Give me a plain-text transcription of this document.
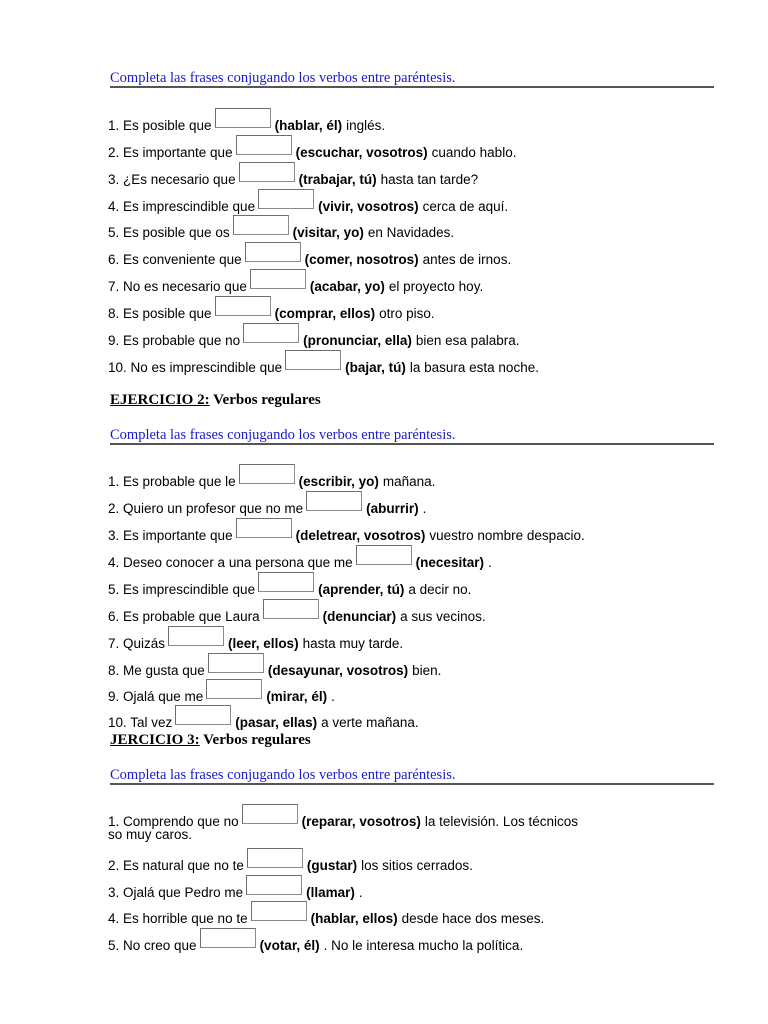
Completa las frases conjugando los verbos entre paréntesis.
1. Es posible que	(hablar, él) inglés.
2. Es importante que	(escuchar, vosotros) cuando hablo.
3. ¿Es necesario que	(trabajar, tú) hasta tan tarde?
4. Es imprescindible que	(vivir, vosotros) cerca de aquí.
5. Es posible que os	(visitar, yo) en Navidades.
6. Es conveniente que	(comer, nosotros) antes de irnos.
7. No es necesario que	(acabar, yo) el proyecto hoy.
8. Es posible que	(comprar, ellos) otro piso.
9. Es probable que no	(pronunciar, ella) bien esa palabra.
10. No es imprescindible que	(bajar, tú) la basura esta noche.
EJERCICIO 2: Verbos regulares
Completa las frases conjugando los verbos entre paréntesis.
1. Es probable que le	(escribir, yo) mañana.
2. Quiero un profesor que no me	(aburrir) .
3. Es importante que	(deletrear, vosotros) vuestro nombre despacio.
4. Deseo conocer a una persona que me	(necesitar) .
5. Es imprescindible que	(aprender, tú) a decir no.
6. Es probable que Laura	(denunciar) a sus vecinos.
7. Quizás	(leer, ellos) hasta muy tarde.
8. Me gusta que	(desayunar, vosotros) bien.
9. Ojalá que me	(mirar, él) .
10. Tal vez	(pasar, ellas) a verte mañana.
JERCICIO 3: Verbos regulares
Completa las frases conjugando los verbos entre paréntesis.
1. Comprendo que no	(reparar, vosotros) la televisión. Los técnicos
so muy caros.
2. Es natural que no te	(gustar) los sitios cerrados.
3. Ojalá que Pedro me	(llamar) .
4. Es horrible que no te	(hablar, ellos) desde hace dos meses.
5. No creo que	(votar, él) . No le interesa mucho la política.
